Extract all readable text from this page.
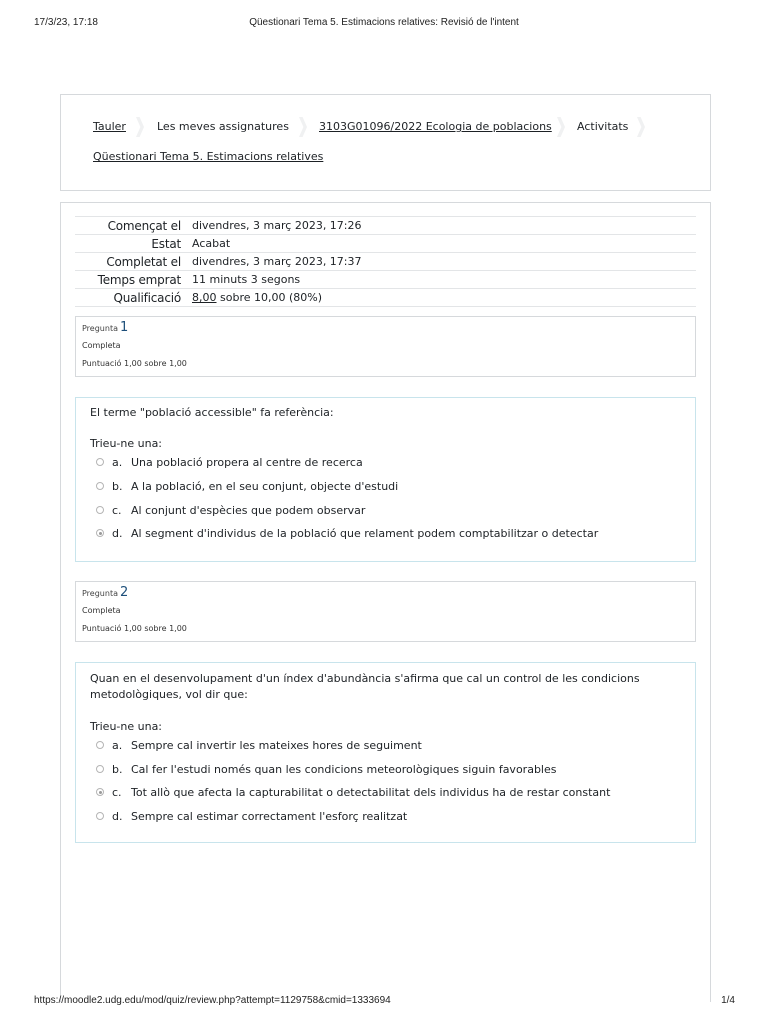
17/3/23, 17:18	Qüestionari Tema 5. Estimacions relatives: Revisió de l'intent
Tauler	Les meves assignatures	3103G01096/2022 Ecologia de poblacions Activitats
Qüestionari Tema 5. Estimacions relatives
Començat el	divendres, 3 març 2023, 17:26
Estat	Acabat
Completat el	divendres, 3 març 2023, 17:37
Temps emprat	11 minuts 3 segons
Qualificació	8,00 sobre 10,00 (80%)
Pregunta 1
Completa
Puntuació 1,00 sobre 1,00
El terme "població accessible" fa referència:
Trieu-ne una:
a. Una població propera al centre de recerca
b. A la població, en el seu conjunt, objecte d'estudi
c. Al conjunt d'espècies que podem observar
d. Al segment d'individus de la població que relament podem comptabilitzar o detectar
Pregunta 2
Completa
Puntuació 1,00 sobre 1,00
Quan en el desenvolupament d'un índex d'abundància s'afirma que cal un control de les condicions
metodològiques, vol dir que:
Trieu-ne una:
a. Sempre cal invertir les mateixes hores de seguiment
b. Cal fer l'estudi només quan les condicions meteorològiques siguin favorables
c. Tot allò que afecta la capturabilitat o detectabilitat dels individus ha de restar constant
d. Sempre cal estimar correctament l'esforç realitzat
https://moodle2.udg.edu/mod/quiz/review.php?attempt=1129758&cmid=1333694	1/4
